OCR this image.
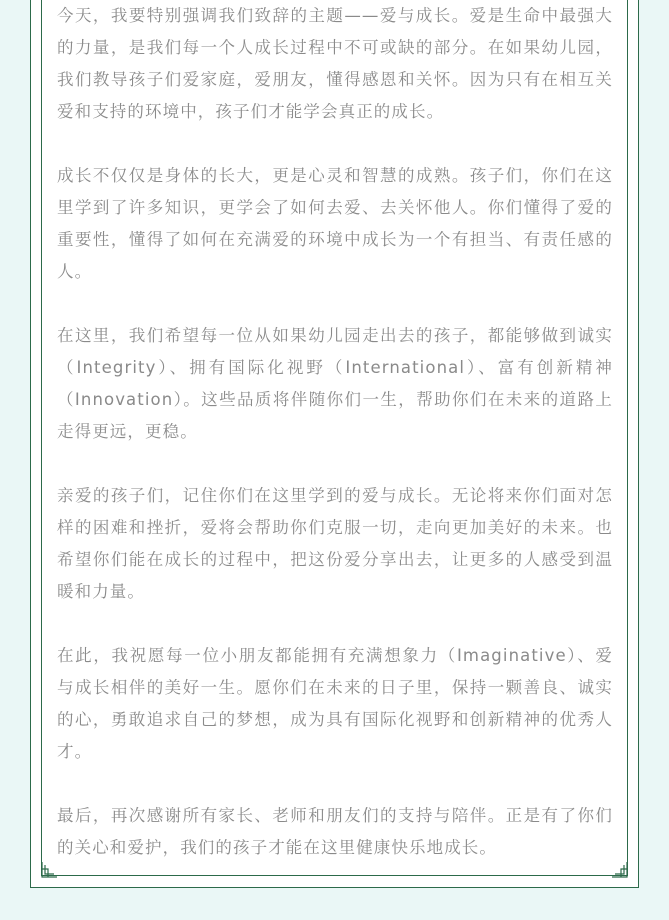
今天，我要特别强调我们致辞的主题——爱与成长。爱是生命中最强大的力量，是我们每一个人成长过程中不可或缺的部分。在如果幼儿园，我们教导孩子们爱家庭，爱朋友，懂得感恩和关怀。因为只有在相互关爱和支持的环境中，孩子们才能学会真正的成长。

成长不仅仅是身体的长大，更是心灵和智慧的成熟。孩子们，你们在这里学到了许多知识，更学会了如何去爱、去关怀他人。你们懂得了爱的重要性，懂得了如何在充满爱的环境中成长为一个有担当、有责任感的人。

在这里，我们希望每一位从如果幼儿园走出去的孩子，都能够做到诚实（Integrity）、拥有国际化视野（International）、富有创新精神（Innovation）。这些品质将伴随你们一生，帮助你们在未来的道路上走得更远，更稳。

亲爱的孩子们，记住你们在这里学到的爱与成长。无论将来你们面对怎样的困难和挫折，爱将会帮助你们克服一切，走向更加美好的未来。也希望你们能在成长的过程中，把这份爱分享出去，让更多的人感受到温暖和力量。

在此，我祝愿每一位小朋友都能拥有充满想象力（Imaginative）、爱与成长相伴的美好一生。愿你们在未来的日子里，保持一颗善良、诚实的心，勇敢追求自己的梦想，成为具有国际化视野和创新精神的优秀人才。

最后，再次感谢所有家长、老师和朋友们的支持与陪伴。正是有了你们的关心和爱护，我们的孩子才能在这里健康快乐地成长。
